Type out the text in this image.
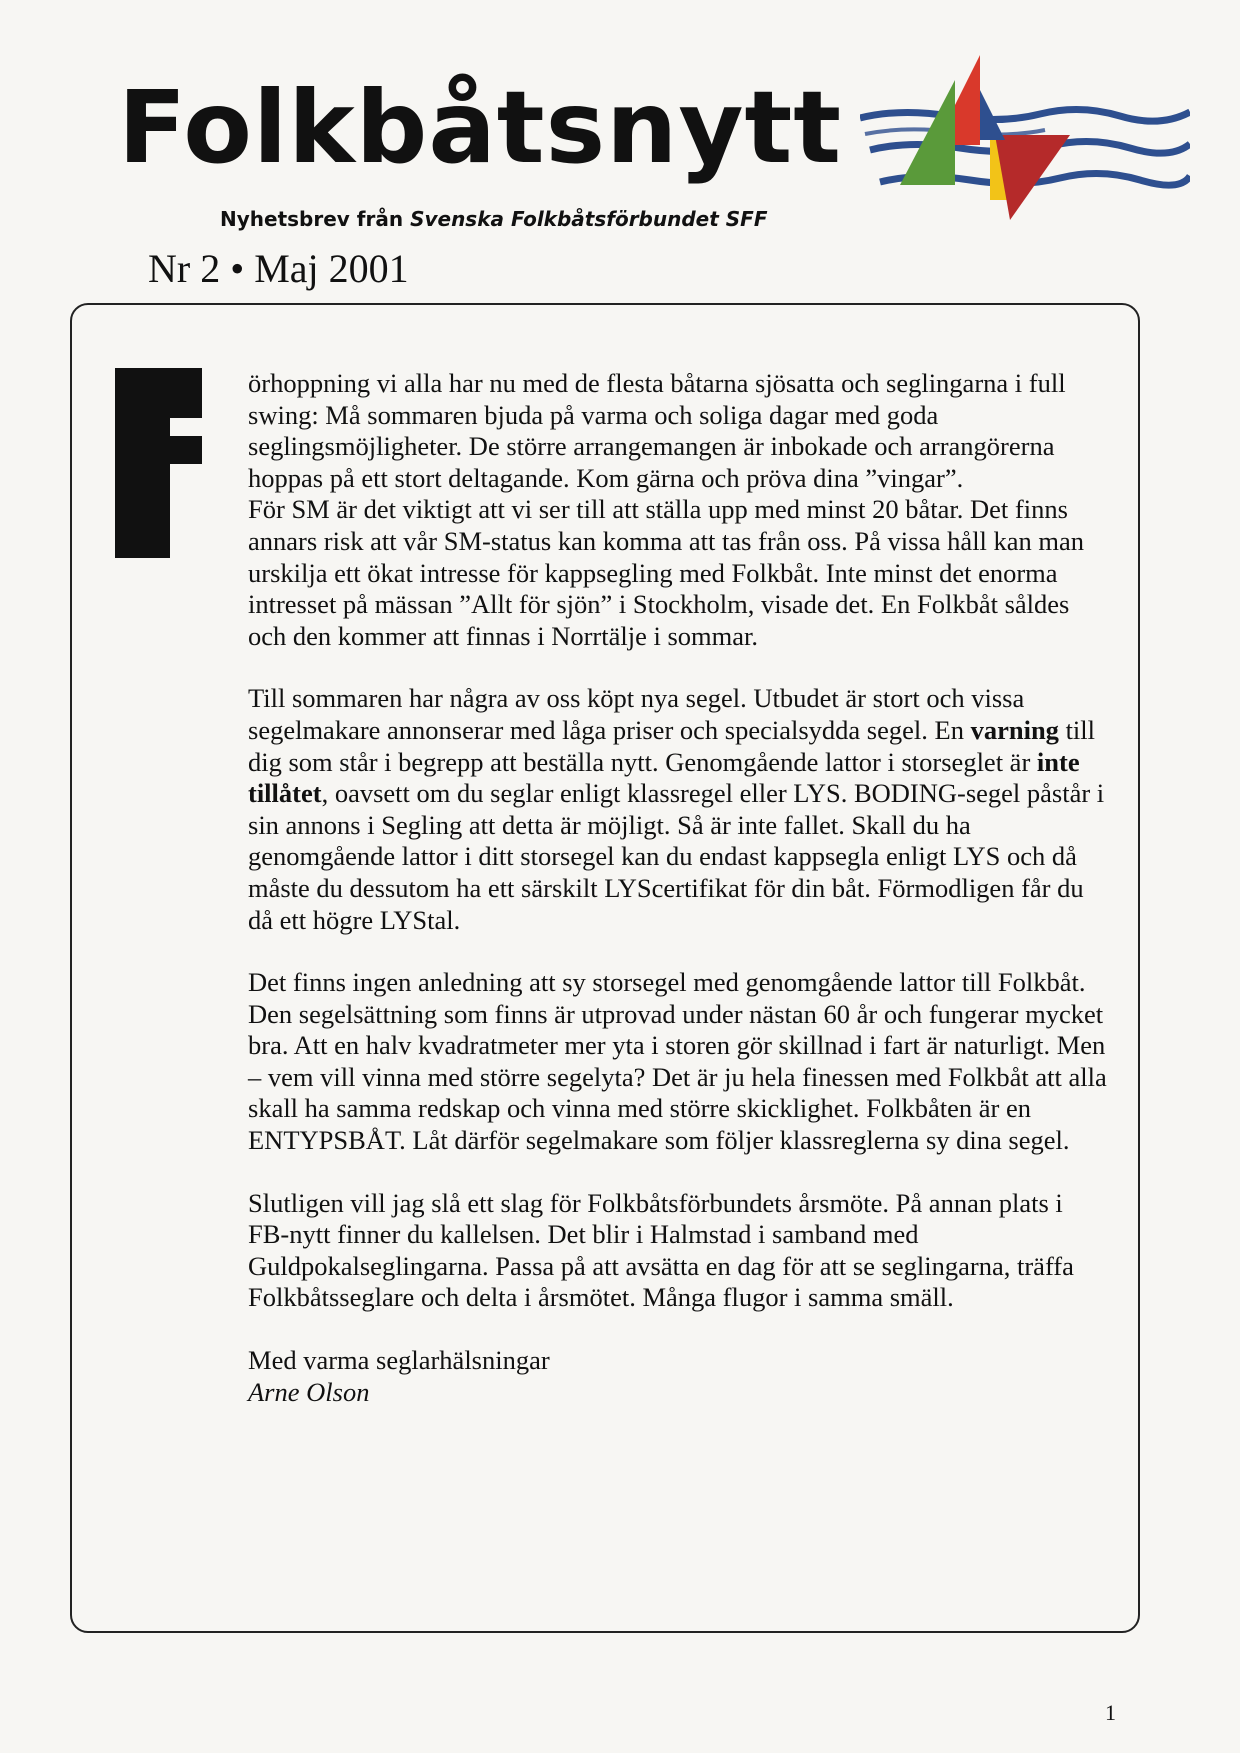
Folkbåtsnytt
Nyhetsbrev från Svenska Folkbåtsförbundet SFF
Nr 2 • Maj 2001

örhoppning vi alla har nu med de flesta båtarna sjösatta och seglingarna i full swing: Må sommaren bjuda på varma och soliga dagar med goda seglingsmöjligheter. De större arrangemangen är inbokade och arrangörerna hoppas på ett stort deltagande. Kom gärna och pröva dina ”vingar”.

För SM är det viktigt att vi ser till att ställa upp med minst 20 båtar. Det finns annars risk att vår SM-status kan komma att tas från oss. På vissa håll kan man urskilja ett ökat intresse för kappsegling med Folkbåt. Inte minst det enorma intresset på mässan ”Allt för sjön” i Stockholm, visade det. En Folkbåt såldes och den kommer att finnas i Norrtälje i sommar.

Till sommaren har några av oss köpt nya segel. Utbudet är stort och vissa segelmakare annonserar med låga priser och specialsydda segel. En varning till dig som står i begrepp att beställa nytt. Genomgående lattor i storseglet är inte tillåtet, oavsett om du seglar enligt klassregel eller LYS. BODING-segel påstår i sin annons i Segling att detta är möjligt. Så är inte fallet. Skall du ha genomgående lattor i ditt storsegel kan du endast kappsegla enligt LYS och då måste du dessutom ha ett särskilt LYScertifikat för din båt. Förmodligen får du då ett högre LYStal.

Det finns ingen anledning att sy storsegel med genomgående lattor till Folkbåt. Den segelsättning som finns är utprovad under nästan 60 år och fungerar mycket bra. Att en halv kvadratmeter mer yta i storen gör skillnad i fart är naturligt. Men – vem vill vinna med större segelyta? Det är ju hela finessen med Folkbåt att alla skall ha samma redskap och vinna med större skicklighet. Folkbåten är en ENTYPSBÅT. Låt därför segelmakare som följer klassreglerna sy dina segel.

Slutligen vill jag slå ett slag för Folkbåtsförbundets årsmöte. På annan plats i FB-nytt finner du kallelsen. Det blir i Halmstad i samband med Guldpokalseglingarna. Passa på att avsätta en dag för att se seglingarna, träffa Folkbåtsseglare och delta i årsmötet. Många flugor i samma smäll.

Med varma seglarhälsningar

Arne Olson

1
